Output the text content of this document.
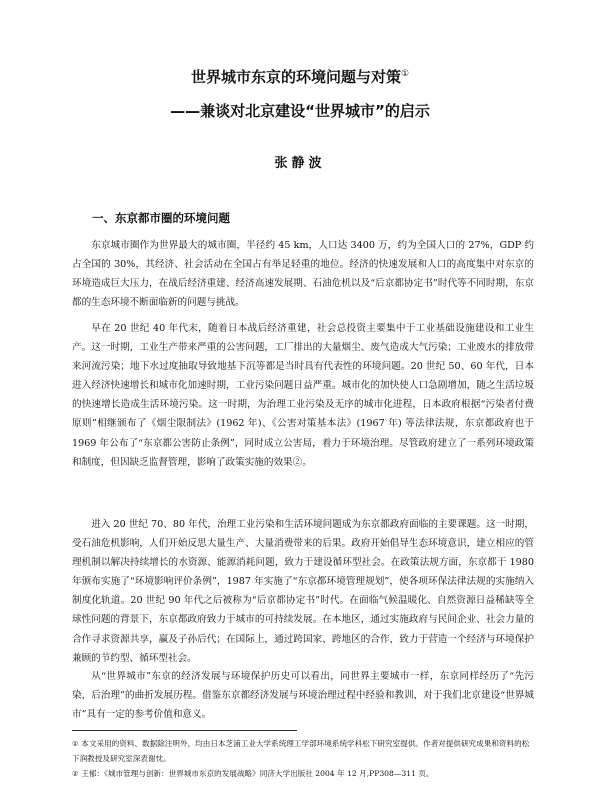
世界城市东京的环境问题与对策①
——兼谈对北京建设“世界城市”的启示
张静波
一、东京都市圈的环境问题

东京城市圈作为世界最大的城市圈，半径约 45 km，人口达 3400 万，约为全国人口的 27%，GDP 约占全国的 30%，其经济、社会活动在全国占有举足轻重的地位。经济的快速发展和人口的高度集中对东京的环境造成巨大压力，在战后经济重建、经济高速发展期、石油危机以及“后京都协定书”时代等不同时期，东京都的生态环境不断面临新的问题与挑战。

早在 20 世纪 40 年代末，随着日本战后经济重建，社会总投资主要集中于工业基础设施建设和工业生产。这一时期，工业生产带来严重的公害问题，工厂排出的大量烟尘、废气造成大气污染；工业废水的排放带来河流污染；地下水过度抽取导致地基下沉等都是当时具有代表性的环境问题。20 世纪 50、60 年代，日本进入经济快速增长和城市化加速时期，工业污染问题日益严重。城市化的加快使人口急剧增加，随之生活垃圾的快速增长造成生活环境污染。这一时期，为治理工业污染及无序的城市化进程，日本政府根据“污染者付费原则”相继颁布了《烟尘限制法》(1962 年)、《公害对策基本法》(1967 年) 等法律法规，东京都政府也于 1969 年公布了“东京都公害防止条例”，同时成立公害局，着力于环境治理。尽管政府建立了一系列环境政策和制度，但因缺乏监督管理，影响了政策实施的效果②。

进入 20 世纪 70、80 年代，治理工业污染和生活环境问题成为东京都政府面临的主要课题。这一时期，受石油危机影响，人们开始反思大量生产、大量消费带来的后果。政府开始倡导生态环境意识，建立相应的管理机制以解决持续增长的水资源、能源消耗问题，致力于建设循环型社会。在政策法规方面，东京都于 1980 年颁布实施了“环境影响评价条例”，1987 年实施了“东京都环境管理规划”，使各项环保法律法规的实施纳入制度化轨道。20 世纪 90 年代之后被称为“后京都协定书”时代。在面临气候温暖化、自然资源日益稀缺等全球性问题的背景下，东京都政府致力于城市的可持续发展。在本地区，通过实施政府与民间企业、社会力量的合作寻求资源共享，赢及子孙后代；在国际上，通过跨国家、跨地区的合作，致力于营造一个经济与环境保护兼顾的节约型、循环型社会。

从“世界城市”东京的经济发展与环境保护历史可以看出，同世界主要城市一样，东京同样经历了“先污染，后治理”的曲折发展历程。借鉴东京都经济发展与环境治理过程中经验和教训，对于我们北京建设“世界城市”具有一定的参考价值和意义。

① 本文采用的资料、数据除注明外，均由日本芝浦工业大学系统理工学部环境系统学科松下研究室提供。作者对提供研究成果和资料的松下润教授及研究室深表谢忱。

② 王郁：《城市管理与创新：世界城市东京的发展战略》同济大学出版社 2004 年 12 月,PP308—311 页。
